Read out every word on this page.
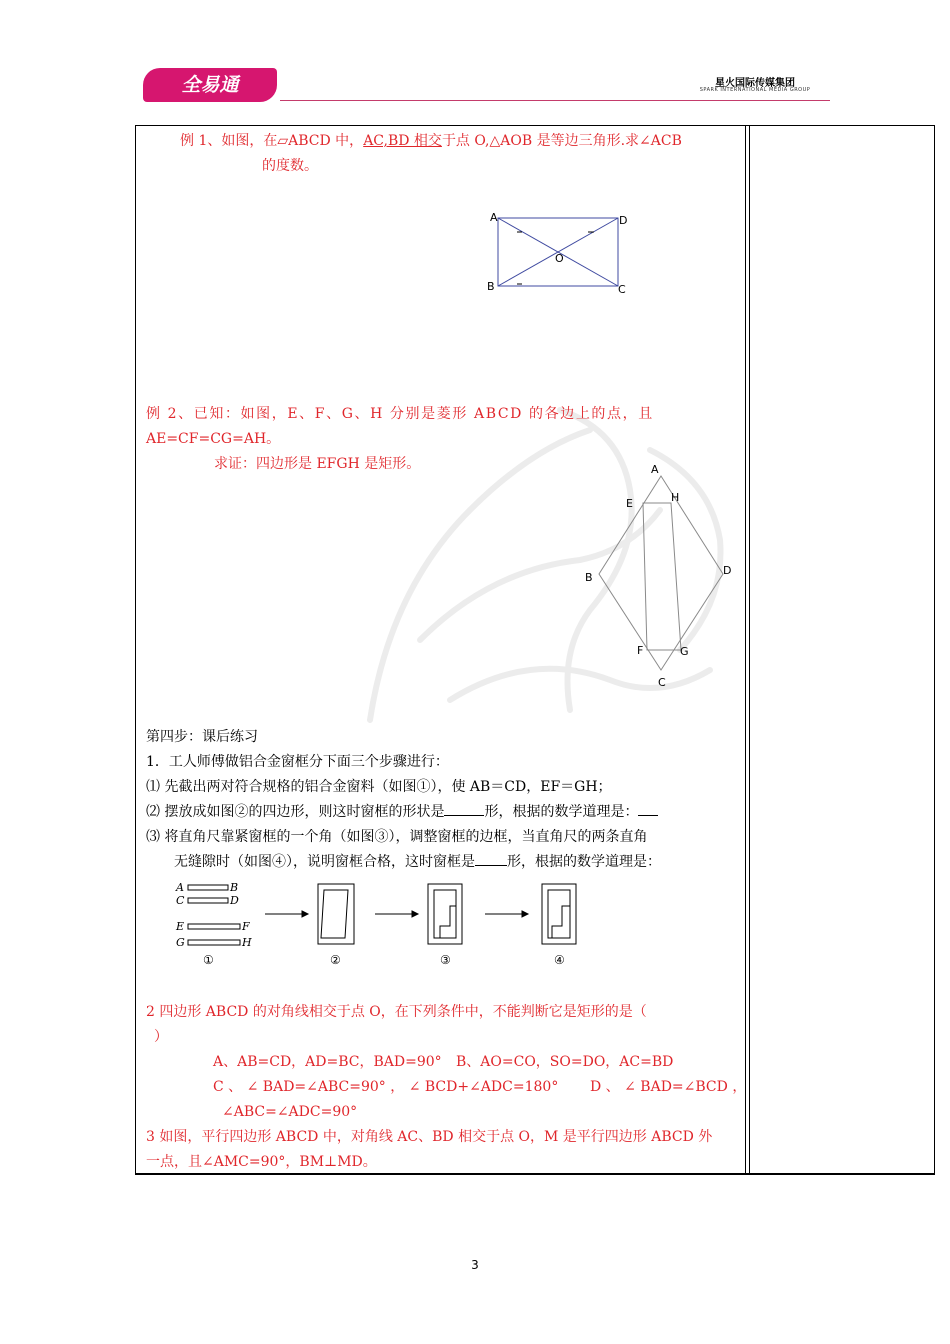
全易通	星火国际传媒集团
SPARK INTERNATIONAL MEDIA GROUP
例 1、如图，在▱ABCD 中，AC,BD 相交于点 O,△AOB 是等边三角形.求∠ACB
的度数。
A	D
B	C
O
例 2、已知：如图，E、F、G、H 分别是菱形 ABCD 的各边上的点，且
AE=CF=CG=AH。
求证：四边形是 EFGH 是矩形。	A
E	H
B
D
F	G
C
第四步：课后练习
1．工人师傅做铝合金窗框分下面三个步骤进行：
⑴ 先截出两对符合规格的铝合金窗料（如图①），使 AB＝CD，EF＝GH；
⑵ 摆放成如图②的四边形，则这时窗框的形状是	形，根据的数学道理是：
⑶ 将直角尺靠紧窗框的一个角（如图③），调整窗框的边框，当直角尺的两条直角
无缝隙时（如图④），说明窗框合格，这时窗框是 形，根据的数学道理是：
A
C
B
D
E
G
F
H
①	②	③	④
2 四边形 ABCD 的对角线相交于点 O，在下列条件中，不能判断它是矩形的是（
）
A、AB=CD，AD=BC，BAD=90° B、AO=CO，SO=DO，AC=BD
C 、 ∠ BAD=∠ABC=90° ， ∠ BCD+∠ADC=180° D 、 ∠ BAD=∠BCD ，
∠ABC=∠ADC=90°
3 如图，平行四边形 ABCD 中，对角线 AC、BD 相交于点 O，M 是平行四边形 ABCD 外
一点，且∠AMC=90°，BM⊥MD。
3
